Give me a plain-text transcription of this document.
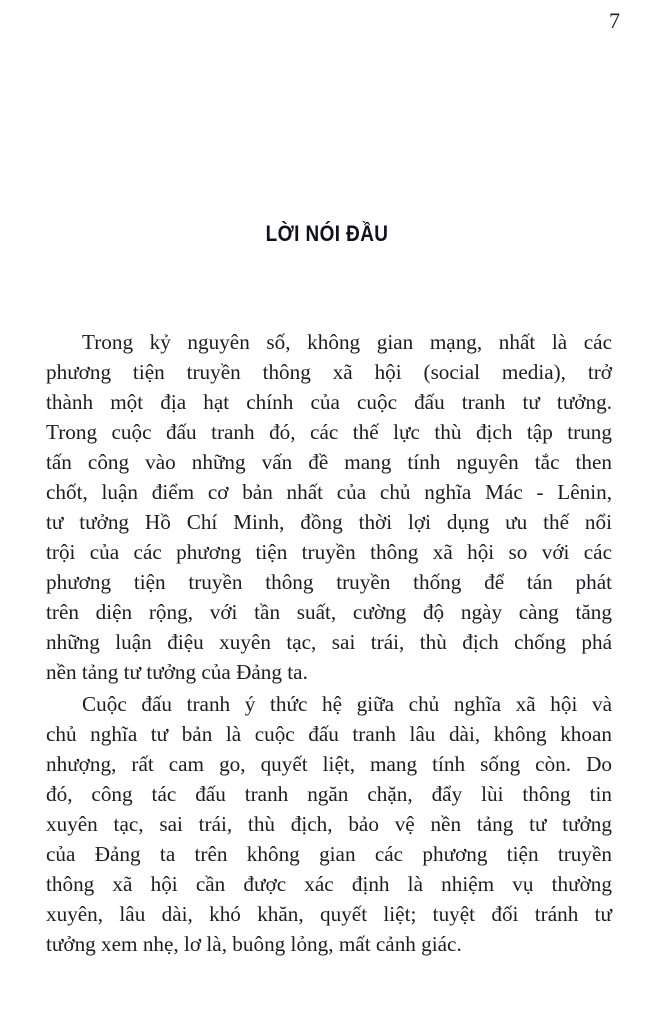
7
LỜI NÓI ĐẦU
Trong kỷ nguyên số, không gian mạng, nhất là các
phương tiện truyền thông xã hội (social media), trở
thành một địa hạt chính của cuộc đấu tranh tư tưởng.
Trong cuộc đấu tranh đó, các thế lực thù địch tập trung
tấn công vào những vấn đề mang tính nguyên tắc then
chốt, luận điểm cơ bản nhất của chủ nghĩa Mác - Lênin,
tư tưởng Hồ Chí Minh, đồng thời lợi dụng ưu thế nổi
trội của các phương tiện truyền thông xã hội so với các
phương tiện truyền thông truyền thống để tán phát
trên diện rộng, với tần suất, cường độ ngày càng tăng
những luận điệu xuyên tạc, sai trái, thù địch chống phá
nền tảng tư tưởng của Đảng ta.
Cuộc đấu tranh ý thức hệ giữa chủ nghĩa xã hội và
chủ nghĩa tư bản là cuộc đấu tranh lâu dài, không khoan
nhượng, rất cam go, quyết liệt, mang tính sống còn. Do
đó, công tác đấu tranh ngăn chặn, đẩy lùi thông tin
xuyên tạc, sai trái, thù địch, bảo vệ nền tảng tư tưởng
của Đảng ta trên không gian các phương tiện truyền
thông xã hội cần được xác định là nhiệm vụ thường
xuyên, lâu dài, khó khăn, quyết liệt; tuyệt đối tránh tư
tưởng xem nhẹ, lơ là, buông lỏng, mất cảnh giác.
